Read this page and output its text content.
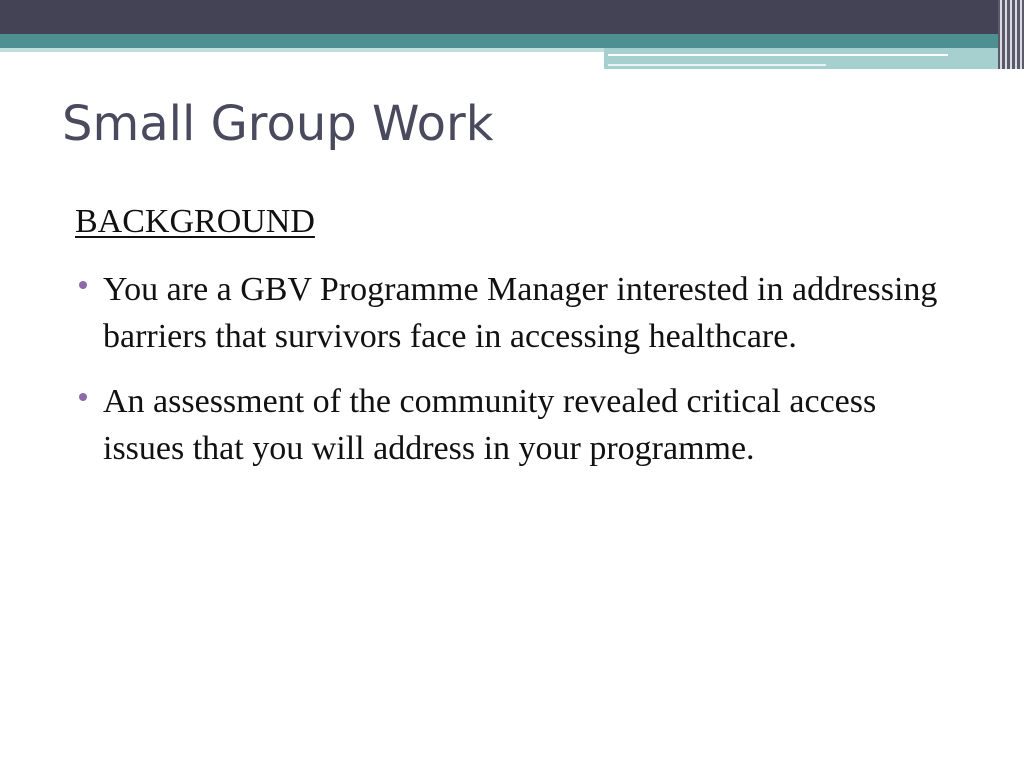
Small Group Work

BACKGROUND

You are a GBV Programme Manager interested in addressing barriers that survivors face in accessing healthcare.
An assessment of the community revealed critical access issues that you will address in your programme.
